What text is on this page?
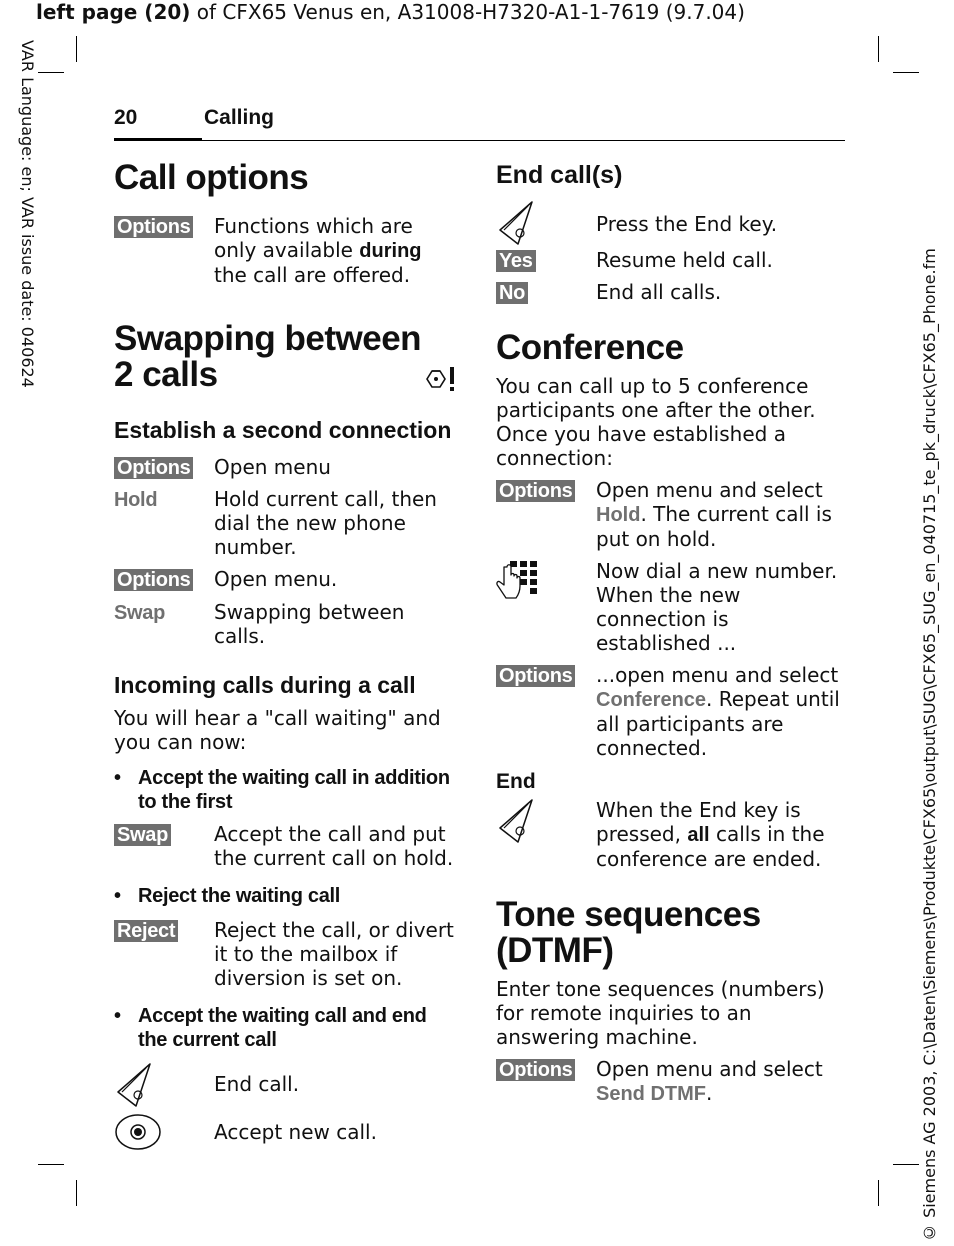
left page (20) of CFX65 Venus en, A31008-H7320-A1-1-7619 (9.7.04)
VAR Language: en; VAR issue date: 040624
© Siemens AG 2003, C:\Daten\Siemens\Produkte\CFX65\output\SUG\CFX65_SUG_en_040715_te_pk_druck\CFX65_Phone.fm
20	Calling
Call options
Options	Functions which are only available during the call are offered.
Swapping between
2 calls
Establish a second connection
Options	Open menu
Hold	Hold current call, then dial the new phone number.
Options	Open menu.
Swap	Swapping between calls.
Incoming calls during a call

You will hear a "call waiting" and you can now:

• Accept the waiting call in addition to the first
Swap	Accept the call and put the current call on hold.
• Reject the waiting call
Reject	Reject the call, or divert it to the mailbox if diversion is set on.
• Accept the waiting call and end the current call
End call.
Accept new call.
End call(s)
Press the End key.
Yes	Resume held call.
No	End all calls.
Conference

You can call up to 5 conference participants one after the other. Once you have established a connection:

Options	Open menu and select Hold. The current call is put on hold.
Now dial a new number. When the new connection is established ...
Options	...open menu and select Conference. Repeat until all participants are connected.
End
When the End key is pressed, all calls in the conference are ended.
Tone sequences (DTMF)

Enter tone sequences (numbers) for remote inquiries to an answering machine.

Options	Open menu and select Send DTMF.
